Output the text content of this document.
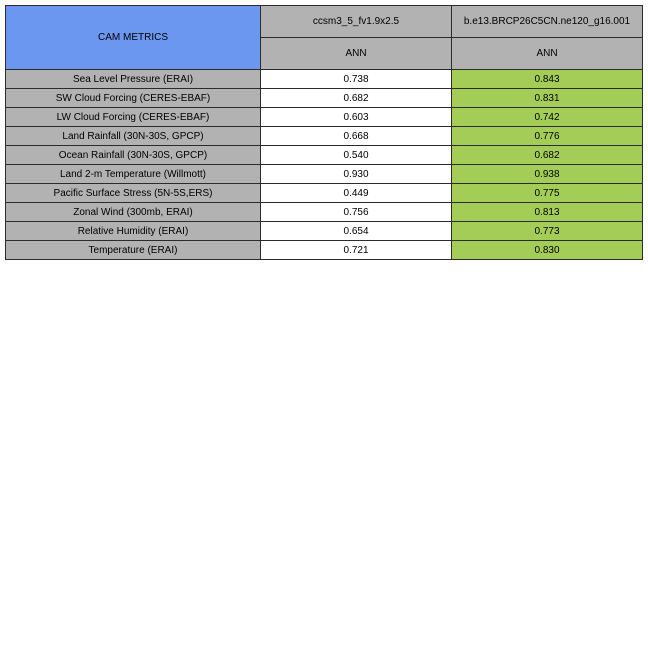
CAM METRICS	ccsm3_5_fv1.9x2.5	b.e13.BRCP26C5CN.ne120_g16.001
	ANN	ANN
Sea Level Pressure (ERAI)	0.738	0.843
SW Cloud Forcing (CERES-EBAF)	0.682	0.831
LW Cloud Forcing (CERES-EBAF)	0.603	0.742
Land Rainfall (30N-30S, GPCP)	0.668	0.776
Ocean Rainfall (30N-30S, GPCP)	0.540	0.682
Land 2-m Temperature (Willmott)	0.930	0.938
Pacific Surface Stress (5N-5S,ERS)	0.449	0.775
Zonal Wind (300mb, ERAI)	0.756	0.813
Relative Humidity (ERAI)	0.654	0.773
Temperature (ERAI)	0.721	0.830
